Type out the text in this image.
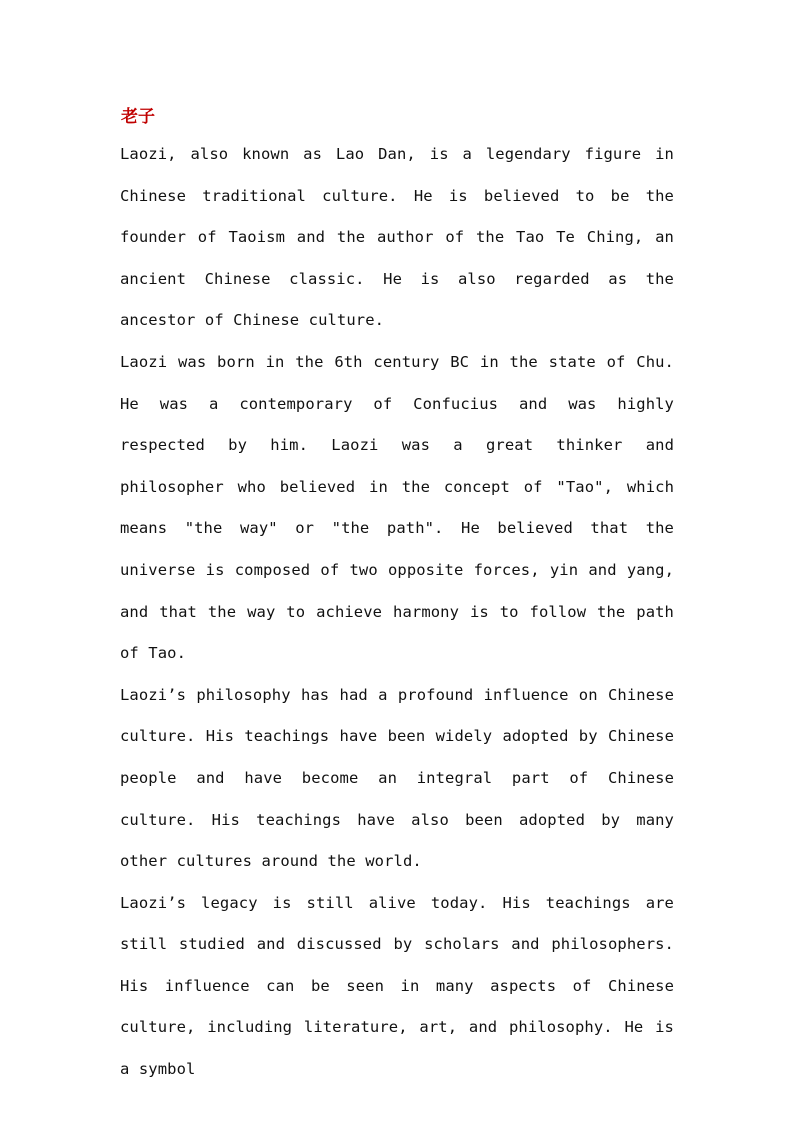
老子

Laozi, also known as Lao Dan, is a legendary figure in Chinese traditional culture. He is believed to be the founder of Taoism and the author of the Tao Te Ching, an ancient Chinese classic. He is also regarded as the ancestor of Chinese culture.

Laozi was born in the 6th century BC in the state of Chu. He was a contemporary of Confucius and was highly respected by him. Laozi was a great thinker and philosopher who believed in the concept of "Tao", which means "the way" or "the path". He believed that the universe is composed of two opposite forces, yin and yang, and that the way to achieve harmony is to follow the path of Tao.

Laozi’s philosophy has had a profound influence on Chinese culture. His teachings have been widely adopted by Chinese people and have become an integral part of Chinese culture. His teachings have also been adopted by many other cultures around the world.

Laozi’s legacy is still alive today. His teachings are still studied and discussed by scholars and philosophers. His influence can be seen in many aspects of Chinese culture, including literature, art, and philosophy. He is a symbol
